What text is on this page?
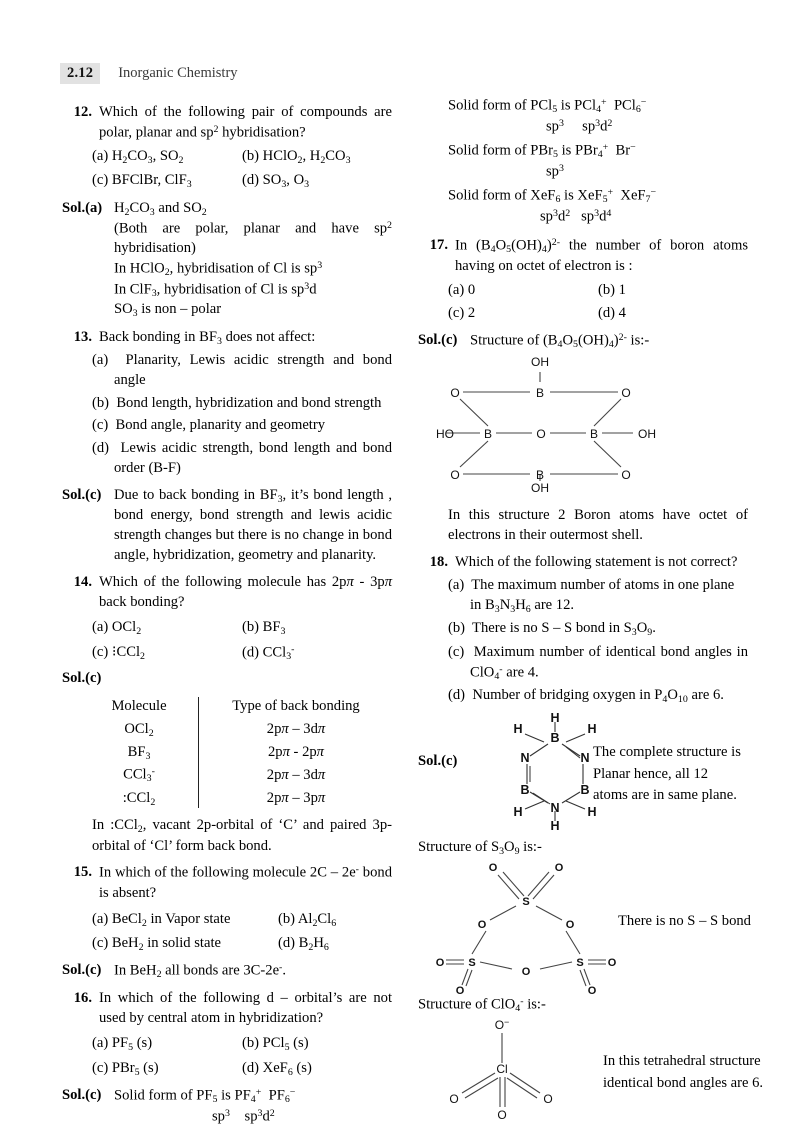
2.12 Inorganic Chemistry
12. Which of the following pair of compounds are polar, planar and $sp^2$ hybridisation?
(a) $H_2CO_3$, $SO_2$	(b) HClO$_2$, $H_2CO_3$
(c) BFClBr, ClF$_3$	(d) $SO_3$, $O_3$
Sol.(a) $H_2CO_3$ and $SO_2$
(Both are polar, planar and have $sp^2$ hybridisation)
In HClO$_2$, hybridisation of Cl is $sp^3$
In ClF$_3$, hybridisation of Cl is $sp^3d$
$SO_3$ is non – polar
13. Back bonding in $BF_3$ does not affect:
(a)  Planarity, Lewis acidic strength and bond angle
(b)  Bond length, hybridization and bond strength
(c)  Bond angle, planarity and geometry
(d)  Lewis acidic strength, bond length and bond order (B-F)
Sol.(c) Due to back bonding in $BF_3$, it’s bond length , bond energy, bond strength and lewis acidic strength changes but there is no change in bond angle, hybridization, geometry and planarity.
14. Which of the following molecule has 2pπ - 3pπ back bonding?
(a) OCl$_2$	(b) $BF_3$
(c) ⁝CCl$_2$	(d) CCl$_3$-
Sol.(c)
Molecule	Type of back bonding
OCl$_2$	2pπ – 3dπ
$BF_3$	2pπ - 2pπ
CCl$_3$-	2pπ – 3dπ
:CCl$_2$	2pπ – 3pπ
In :CCl$_2$, vacant 2p-orbital of ‘C’ and paired 3p-orbital of ‘Cl’ form back bond.
15. In which of the following molecule 2C – 2e- bond is absent?
(a) BeCl$_2$ in Vapor state	(b) $Al_2Cl_6$
(c) BeH$_2$ in solid state	(d) $B_2H_6$
Sol.(c) In BeH$_2$ all bonds are 3C-2e-.
16. In which of the following d – orbital’s are not used by central atom in hybridization?
(a) $PF_5$ (s)	(b) PCl$_5$ (s)
(c) PBr$_5$ (s)	(d) XeF$_6$ (s)
Sol.(c) Solid form of $PF_5$ is $PF_4^+$  $PF_6^-$
$sp^3$    $sp^3d^2$
Solid form of PCl$_5$ is PCl$_4$+  PCl$_6$−
$sp^3$     $sp^3d^2$
Solid form of PBr$_5$ is PBr$_4$+  Br−
$sp^3$
Solid form of XeF$_6$ is XeF$_5$+  XeF$_7$−
$sp^3d^2$   $sp^3d^4$
17. In $(B_4O_5(OH)_4)^{2-}$ the number of boron atoms having on octet of electron is :
(a) 0	(b) 1
(c) 2	(d) 4
Sol.(c) Structure of $(B_4O_5(OH)_4)^{2-}$ is:-
OH
O	B	O
HO B	O	B	OH
O	B	O
OH
In this structure 2 Boron atoms have octet of electrons in their outermost shell.
18. Which of the following statement is not correct?
(a)  The maximum number of atoms in one plane in $B_3N_3H_6$ are 12.
(b)  There is no S – S bond in $S_3O_9$.
(c)  Maximum number of identical bond angles in ClO$_4$- are 4.
(d)  Number of bridging oxygen in $P_4O_{10}$ are 6.
Sol.(c)
H
B
H	H
N	N
B	B
H	H
N
H
The complete structure is Planar hence, all 12 atoms are in same plane.
Structure of $S_3O_9$ is:-
O	O
S
O	O
S	S
O	O
O	O
O
There is no S – S bond
Structure of ClO$_4$- is:-
O−
Cl
O	O
O
In this tetrahedral structure identical bond angles are 6.
